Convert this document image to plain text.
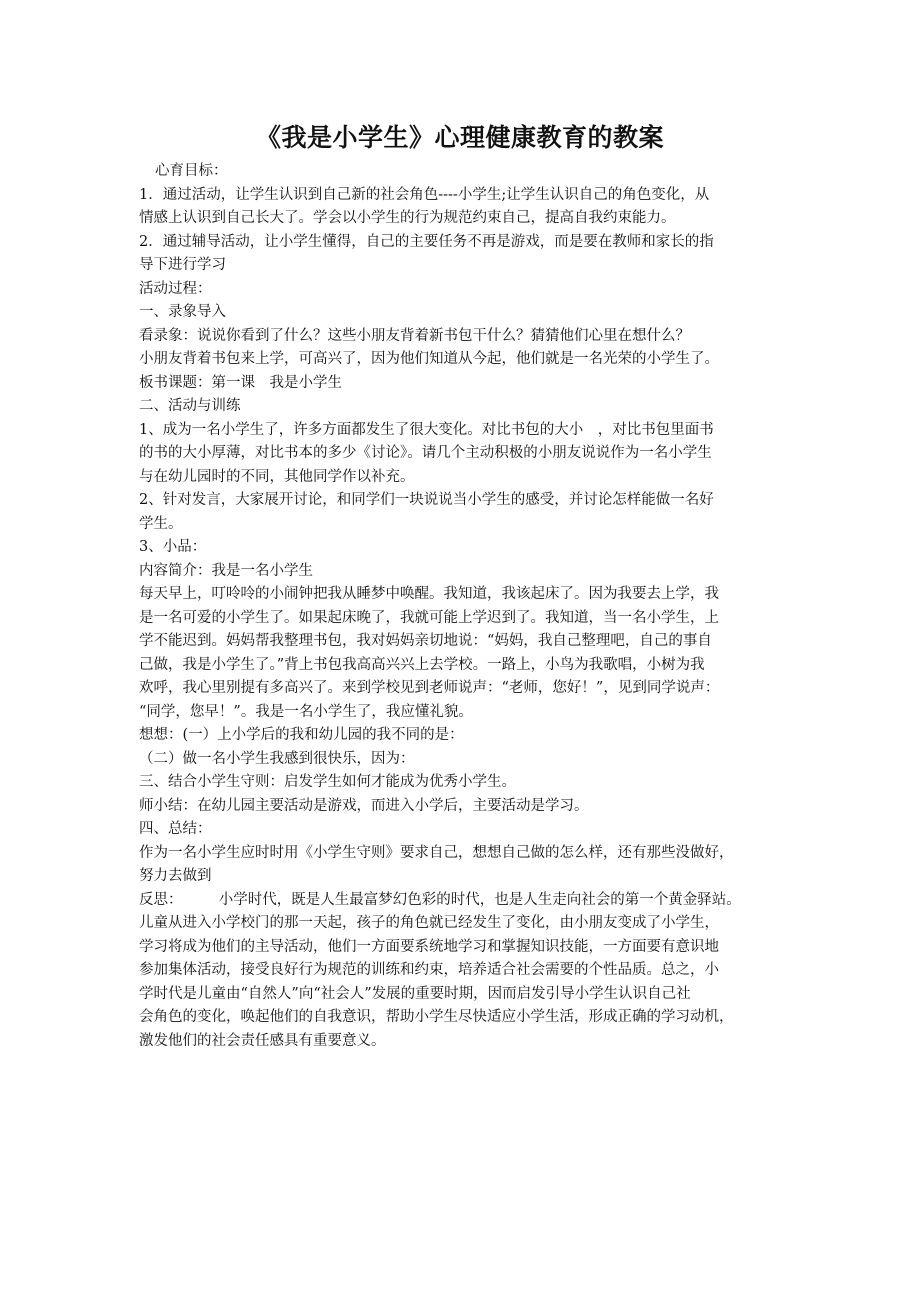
《我是小学生》心理健康教育的教案

心育目标：

1．通过活动，让学生认识到自己新的社会角色----小学生;让学生认识自己的角色变化，从

情感上认识到自己长大了。学会以小学生的行为规范约束自己，提高自我约束能力。

2．通过辅导活动，让小学生懂得，自己的主要任务不再是游戏，而是要在教师和家长的指

导下进行学习

活动过程：

一、录象导入

看录象：说说你看到了什么？这些小朋友背着新书包干什么？猜猜他们心里在想什么？

小朋友背着书包来上学，可高兴了，因为他们知道从今起，他们就是一名光荣的小学生了。

板书课题：第一课　我是小学生

二、活动与训练

1、成为一名小学生了，许多方面都发生了很大变化。对比书包的大小　，对比书包里面书

的书的大小厚薄，对比书本的多少《讨论》。请几个主动积极的小朋友说说作为一名小学生

与在幼儿园时的不同，其他同学作以补充。

2、针对发言，大家展开讨论，和同学们一块说说当小学生的感受，并讨论怎样能做一名好

学生。

3、小品：

内容简介：我是一名小学生

每天早上，叮呤呤的小闹钟把我从睡梦中唤醒。我知道，我该起床了。因为我要去上学，我

是一名可爱的小学生了。如果起床晚了，我就可能上学迟到了。我知道，当一名小学生，上

学不能迟到。妈妈帮我整理书包，我对妈妈亲切地说：“妈妈，我自己整理吧，自己的事自

己做，我是小学生了。”背上书包我高高兴兴上去学校。一路上，小鸟为我歌唱，小树为我

欢呼，我心里别提有多高兴了。来到学校见到老师说声：“老师，您好！”，见到同学说声：

“同学，您早！”。我是一名小学生了，我应懂礼貌。

想想：(一）上小学后的我和幼儿园的我不同的是：

（二）做一名小学生我感到很快乐，因为：

三、结合小学生守则：启发学生如何才能成为优秀小学生。

师小结：在幼儿园主要活动是游戏，而进入小学后，主要活动是学习。

四、总结：

作为一名小学生应时时用《小学生守则》要求自己，想想自己做的怎么样，还有那些没做好，

努力去做到

反思：　　　小学时代，既是人生最富梦幻色彩的时代，也是人生走向社会的第一个黄金驿站。

儿童从进入小学校门的那一天起，孩子的角色就已经发生了变化，由小朋友变成了小学生，

学习将成为他们的主导活动，他们一方面要系统地学习和掌握知识技能，一方面要有意识地

参加集体活动，接受良好行为规范的训练和约束，培养适合社会需要的个性品质。总之，小

学时代是儿童由“自然人”向“社会人”发展的重要时期，因而启发引导小学生认识自己社

会角色的变化，唤起他们的自我意识，帮助小学生尽快适应小学生活，形成正确的学习动机，

激发他们的社会责任感具有重要意义。
